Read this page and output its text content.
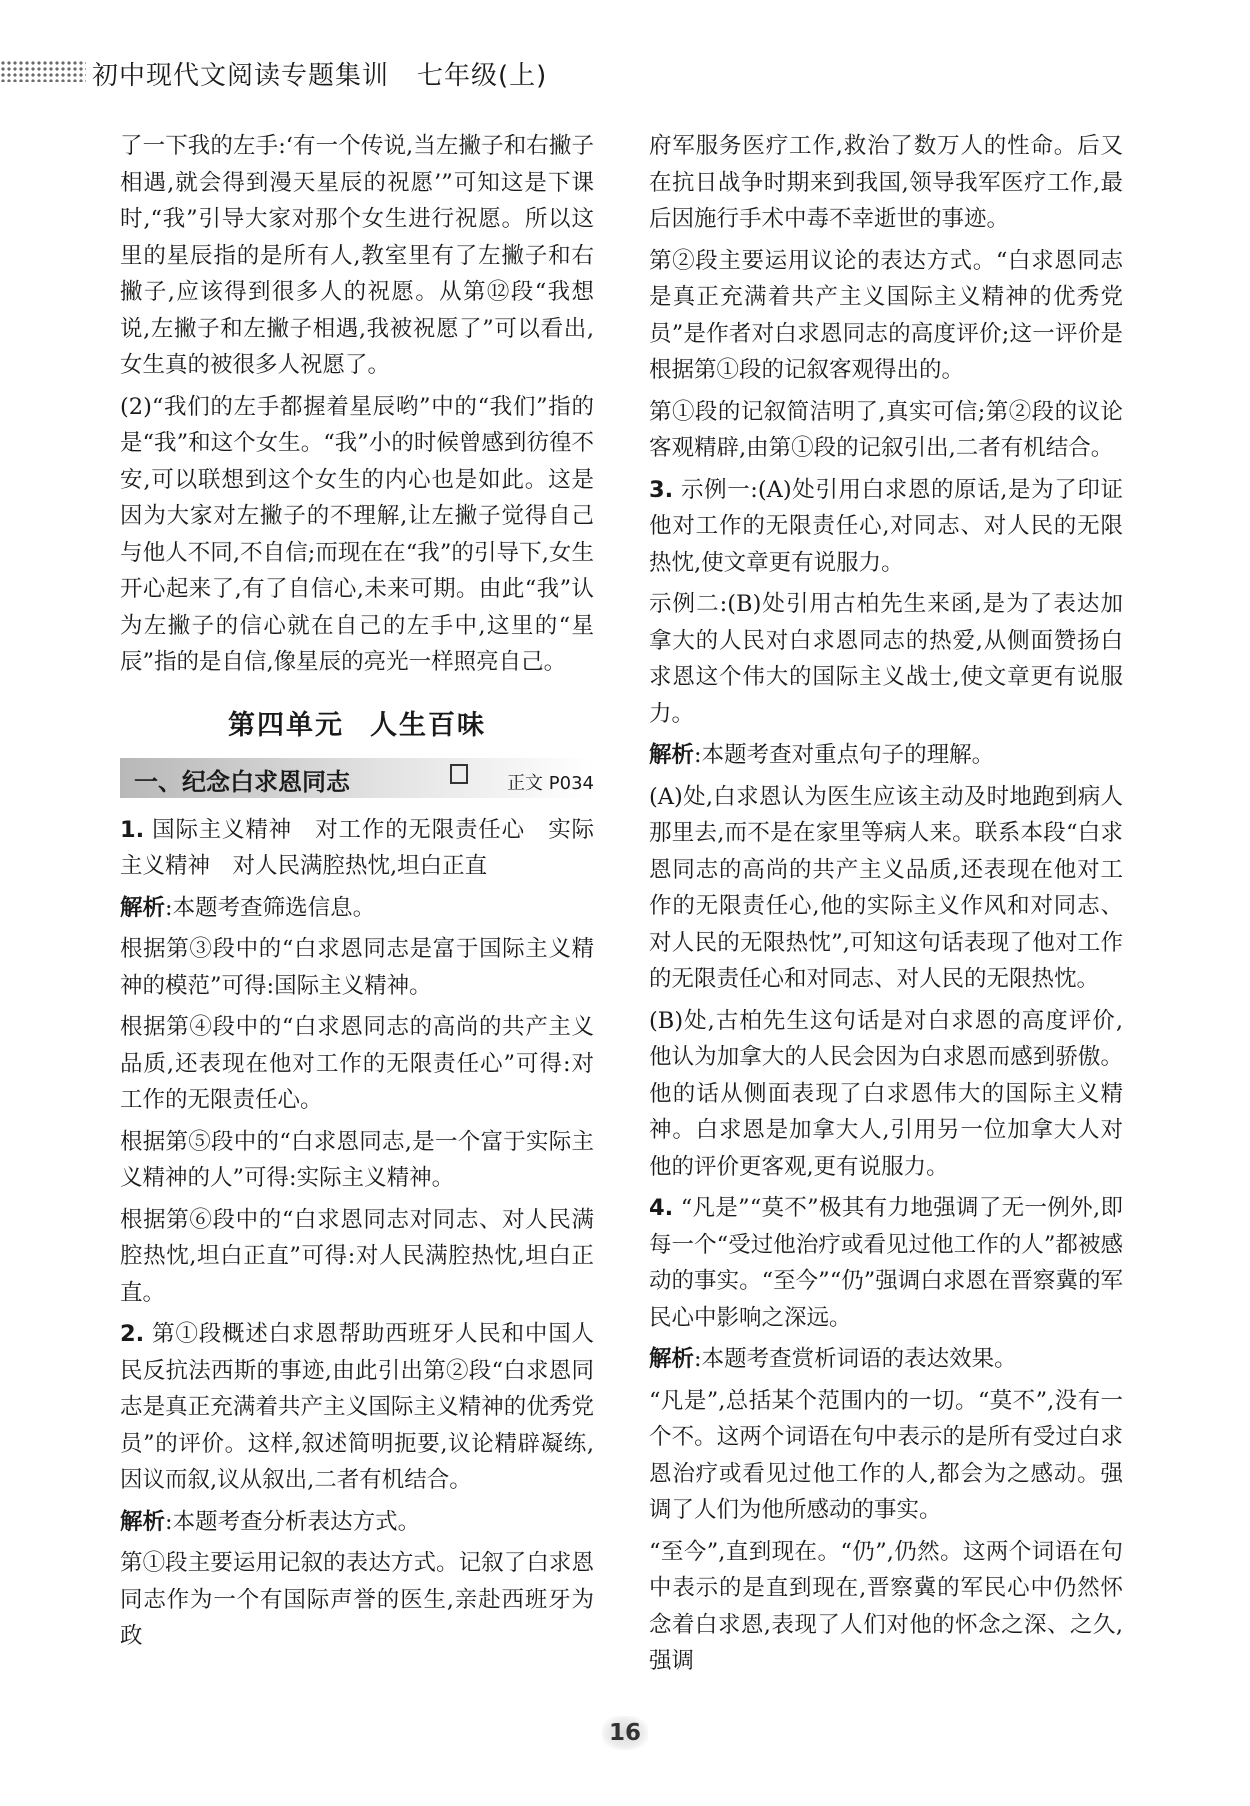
初中现代文阅读专题集训 七年级(上)

了一下我的左手:‘有一个传说,当左撇子和右撇子相遇,就会得到漫天星辰的祝愿’”可知这是下课时,“我”引导大家对那个女生进行祝愿。所以这里的星辰指的是所有人,教室里有了左撇子和右撇子,应该得到很多人的祝愿。从第⑫段“我想说,左撇子和左撇子相遇,我被祝愿了”可以看出,女生真的被很多人祝愿了。

(2)“我们的左手都握着星辰哟”中的“我们”指的是“我”和这个女生。“我”小的时候曾感到彷徨不安,可以联想到这个女生的内心也是如此。这是因为大家对左撇子的不理解,让左撇子觉得自己与他人不同,不自信;而现在在“我”的引导下,女生开心起来了,有了自信心,未来可期。由此“我”认为左撇子的信心就在自己的左手中,这里的“星辰”指的是自信,像星辰的亮光一样照亮自己。

第四单元 人生百味
一、纪念白求恩同志	正文 P034

1. 国际主义精神　对工作的无限责任心　实际主义精神　对人民满腔热忱,坦白正直

解析:本题考查筛选信息。

根据第③段中的“白求恩同志是富于国际主义精神的模范”可得:国际主义精神。

根据第④段中的“白求恩同志的高尚的共产主义品质,还表现在他对工作的无限责任心”可得:对工作的无限责任心。

根据第⑤段中的“白求恩同志,是一个富于实际主义精神的人”可得:实际主义精神。

根据第⑥段中的“白求恩同志对同志、对人民满腔热忱,坦白正直”可得:对人民满腔热忱,坦白正直。

2. 第①段概述白求恩帮助西班牙人民和中国人民反抗法西斯的事迹,由此引出第②段“白求恩同志是真正充满着共产主义国际主义精神的优秀党员”的评价。这样,叙述简明扼要,议论精辟凝练,因议而叙,议从叙出,二者有机结合。

解析:本题考查分析表达方式。

第①段主要运用记叙的表达方式。记叙了白求恩同志作为一个有国际声誉的医生,亲赴西班牙为政

府军服务医疗工作,救治了数万人的性命。后又在抗日战争时期来到我国,领导我军医疗工作,最后因施行手术中毒不幸逝世的事迹。

第②段主要运用议论的表达方式。“白求恩同志是真正充满着共产主义国际主义精神的优秀党员”是作者对白求恩同志的高度评价;这一评价是根据第①段的记叙客观得出的。

第①段的记叙简洁明了,真实可信;第②段的议论客观精辟,由第①段的记叙引出,二者有机结合。

3. 示例一:(A)处引用白求恩的原话,是为了印证他对工作的无限责任心,对同志、对人民的无限热忱,使文章更有说服力。

示例二:(B)处引用古柏先生来函,是为了表达加拿大的人民对白求恩同志的热爱,从侧面赞扬白求恩这个伟大的国际主义战士,使文章更有说服力。

解析:本题考查对重点句子的理解。

(A)处,白求恩认为医生应该主动及时地跑到病人那里去,而不是在家里等病人来。联系本段“白求恩同志的高尚的共产主义品质,还表现在他对工作的无限责任心,他的实际主义作风和对同志、对人民的无限热忱”,可知这句话表现了他对工作的无限责任心和对同志、对人民的无限热忱。

(B)处,古柏先生这句话是对白求恩的高度评价,他认为加拿大的人民会因为白求恩而感到骄傲。他的话从侧面表现了白求恩伟大的国际主义精神。白求恩是加拿大人,引用另一位加拿大人对他的评价更客观,更有说服力。

4. “凡是”“莫不”极其有力地强调了无一例外,即每一个“受过他治疗或看见过他工作的人”都被感动的事实。“至今”“仍”强调白求恩在晋察冀的军民心中影响之深远。

解析:本题考查赏析词语的表达效果。

“凡是”,总括某个范围内的一切。“莫不”,没有一个不。这两个词语在句中表示的是所有受过白求恩治疗或看见过他工作的人,都会为之感动。强调了人们为他所感动的事实。

“至今”,直到现在。“仍”,仍然。这两个词语在句中表示的是直到现在,晋察冀的军民心中仍然怀念着白求恩,表现了人们对他的怀念之深、之久,强调

16
